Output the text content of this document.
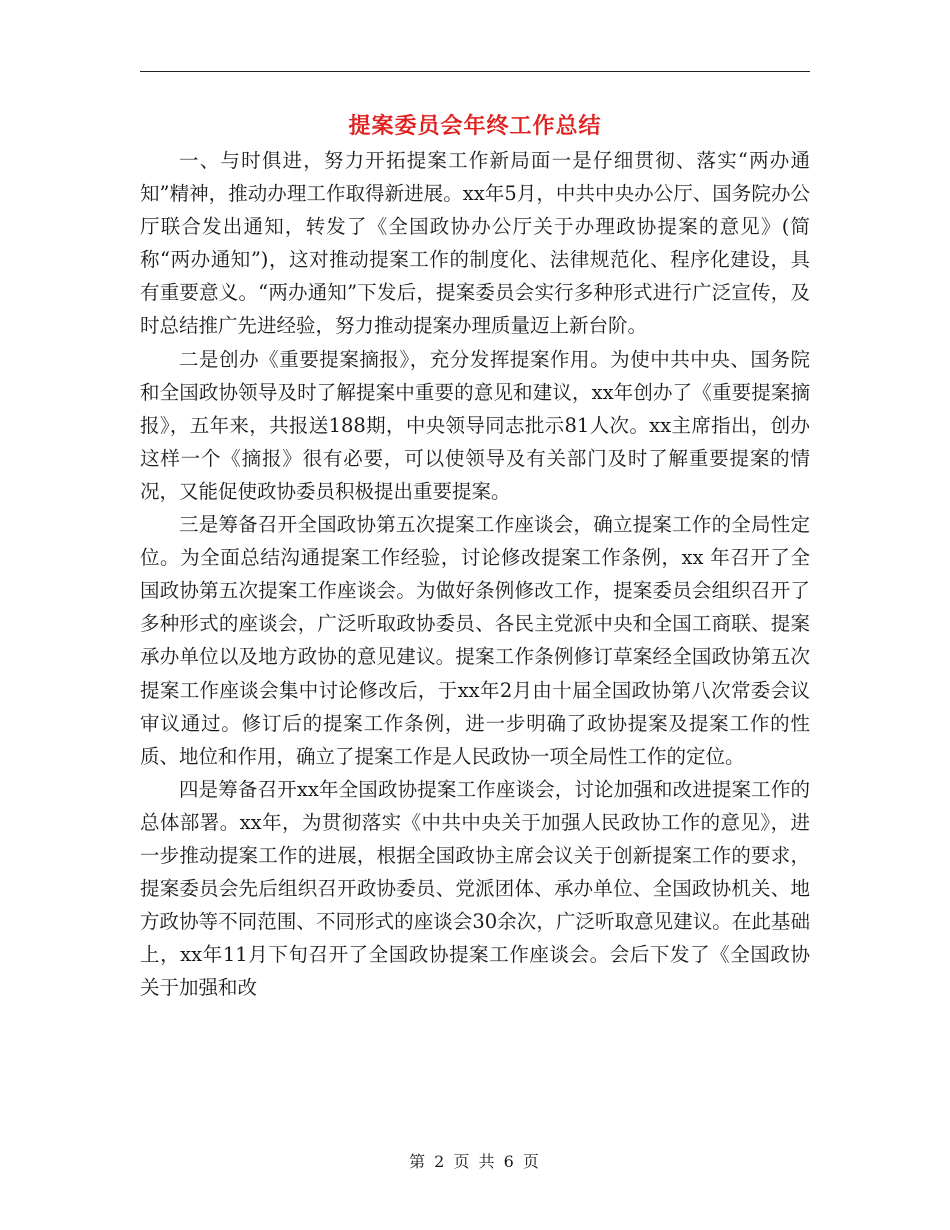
提案委员会年终工作总结

一、与时俱进，努力开拓提案工作新局面一是仔细贯彻、落实“两办通知”精神，推动办理工作取得新进展。xx年5月，中共中央办公厅、国务院办公厅联合发出通知，转发了《全国政协办公厅关于办理政协提案的意见》(简称“两办通知”)，这对推动提案工作的制度化、法律规范化、程序化建设，具有重要意义。“两办通知”下发后，提案委员会实行多种形式进行广泛宣传，及时总结推广先进经验，努力推动提案办理质量迈上新台阶。

二是创办《重要提案摘报》，充分发挥提案作用。为使中共中央、国务院和全国政协领导及时了解提案中重要的意见和建议，xx年创办了《重要提案摘报》，五年来，共报送188期，中央领导同志批示81人次。xx主席指出，创办这样一个《摘报》很有必要，可以使领导及有关部门及时了解重要提案的情况，又能促使政协委员积极提出重要提案。

三是筹备召开全国政协第五次提案工作座谈会，确立提案工作的全局性定位。为全面总结沟通提案工作经验，讨论修改提案工作条例，xx 年召开了全国政协第五次提案工作座谈会。为做好条例修改工作，提案委员会组织召开了多种形式的座谈会，广泛听取政协委员、各民主党派中央和全国工商联、提案承办单位以及地方政协的意见建议。提案工作条例修订草案经全国政协第五次提案工作座谈会集中讨论修改后，于xx年2月由十届全国政协第八次常委会议审议通过。修订后的提案工作条例，进一步明确了政协提案及提案工作的性质、地位和作用，确立了提案工作是人民政协一项全局性工作的定位。

四是筹备召开xx年全国政协提案工作座谈会，讨论加强和改进提案工作的总体部署。xx年，为贯彻落实《中共中央关于加强人民政协工作的意见》，进一步推动提案工作的进展，根据全国政协主席会议关于创新提案工作的要求，提案委员会先后组织召开政协委员、党派团体、承办单位、全国政协机关、地方政协等不同范围、不同形式的座谈会30余次，广泛听取意见建议。在此基础上，xx年11月下旬召开了全国政协提案工作座谈会。会后下发了《全国政协关于加强和改

第 2 页 共 6 页
